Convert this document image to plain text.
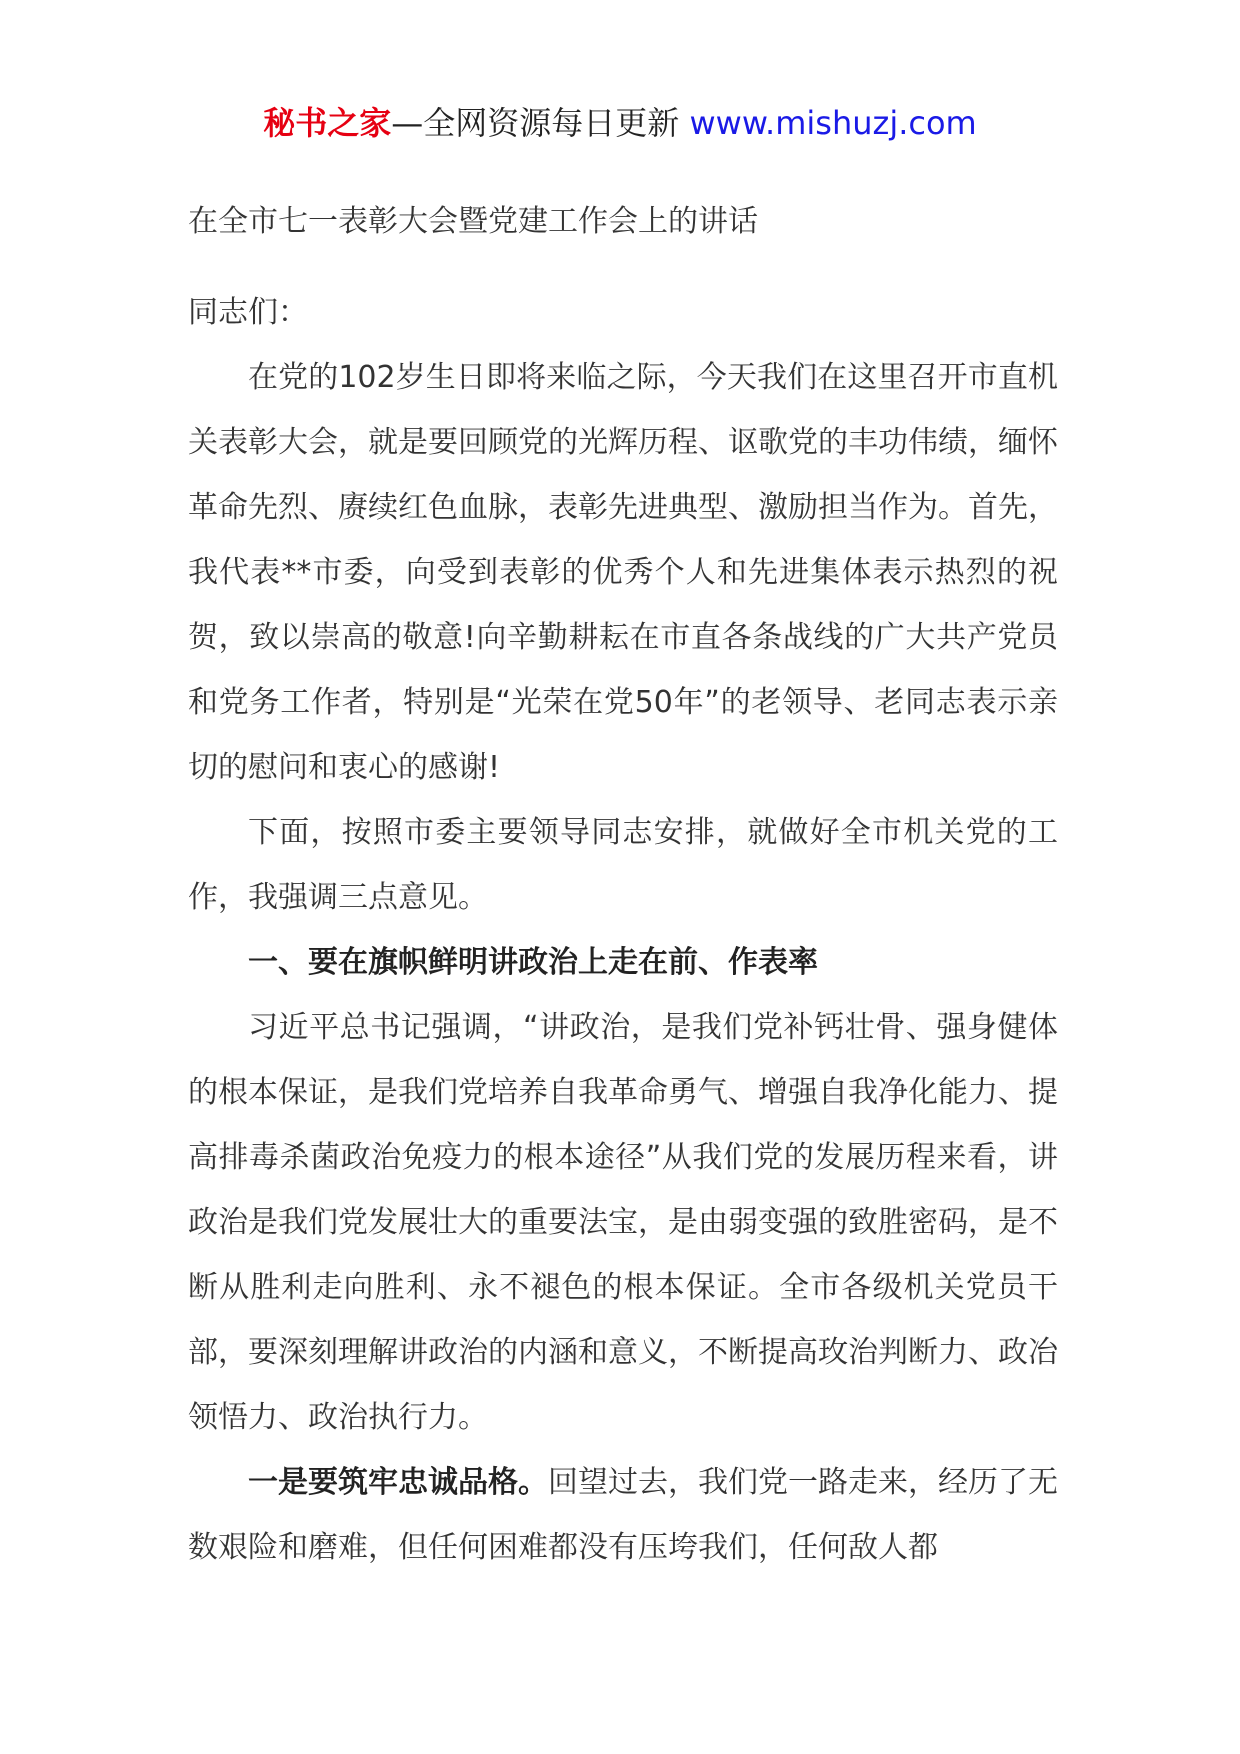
秘书之家—全网资源每日更新 www.mishuzj.com
在全市七一表彰大会暨党建工作会上的讲话

同志们：

在党的102岁生日即将来临之际，今天我们在这里召开市直机关表彰大会，就是要回顾党的光辉历程、讴歌党的丰功伟绩，缅怀革命先烈、赓续红色血脉，表彰先进典型、激励担当作为。首先，我代表**市委，向受到表彰的优秀个人和先进集体表示热烈的祝贺，致以崇高的敬意!向辛勤耕耘在市直各条战线的广大共产党员和党务工作者，特别是“光荣在党50年”的老领导、老同志表示亲切的慰问和衷心的感谢!

下面，按照市委主要领导同志安排，就做好全市机关党的工作，我强调三点意见。

一、要在旗帜鲜明讲政治上走在前、作表率

习近平总书记强调，“讲政治，是我们党补钙壮骨、强身健体的根本保证，是我们党培养自我革命勇气、增强自我净化能力、提高排毒杀菌政治免疫力的根本途径”从我们党的发展历程来看，讲政治是我们党发展壮大的重要法宝，是由弱变强的致胜密码，是不断从胜利走向胜利、永不褪色的根本保证。全市各级机关党员干部，要深刻理解讲政治的内涵和意义，不断提高玫治判断力、政冶领悟力、政治执行力。

一是要筑牢忠诚品格。回望过去，我们党一路走来，经历了无数艰险和磨难，但任何困难都没有压垮我们，任何敌人都
